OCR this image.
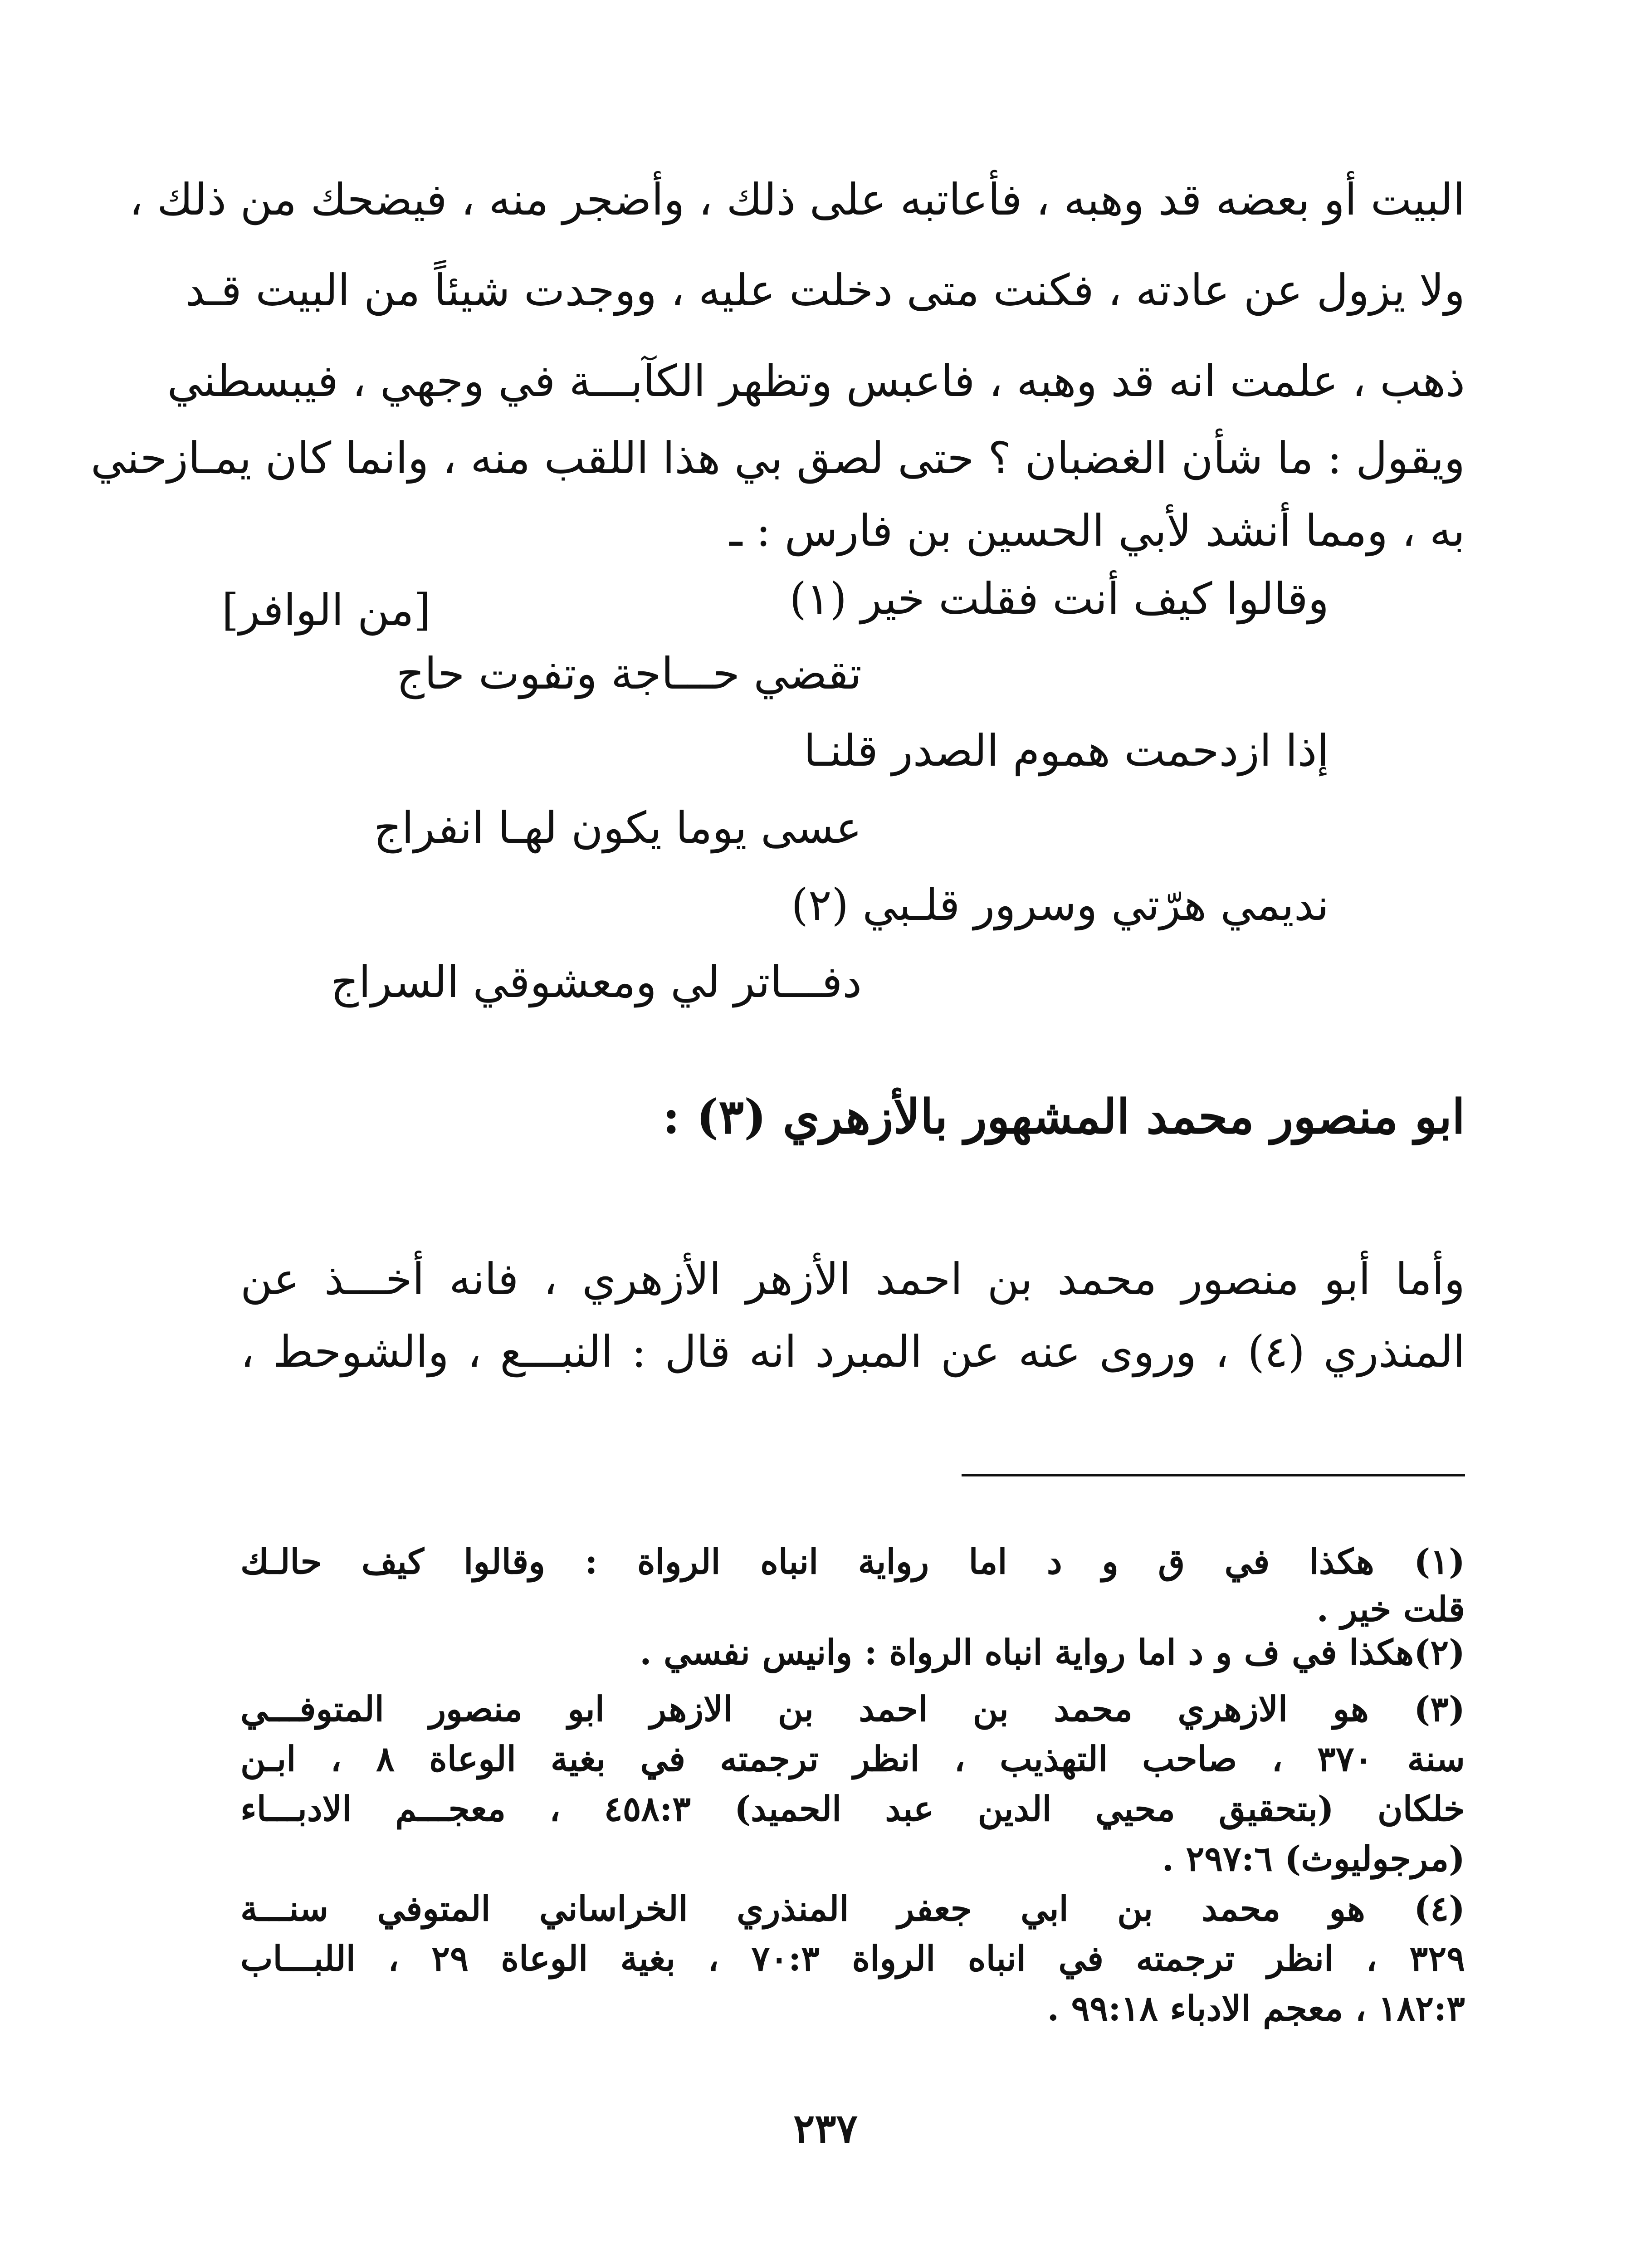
البيت أو بعضه قد وهبه ، فأعاتبه على ذلك ، وأضجر منه ، فيضحك من ذلك ،
ولا يزول عن عادته ، فكنت متى دخلت عليه ، ووجدت شيئاً من البيت قـد
ذهب ، علمت انه قد وهبه ، فاعبس وتظهر الكآبـــة في وجهي ، فيبسطني
ويقول : ما شأن الغضبان ؟ حتى لصق بي هذا اللقب منه ، وانما كان يمـازحني
به ، ومما أنشد لأبي الحسين بن فارس : ـ
[من الوافر]	وقالوا كيف أنت فقلت خير (١)
تقضي حـــاجة وتفوت حاج
إذا ازدحمت هموم الصدر قلنـا
عسى يوما يكون لهـا انفراج
نديمي هرّتي وسرور قلـبي (٢)
دفـــاتر لي ومعشوقي السراج
ابو منصور محمد المشهور بالأزهري (٣) :
وأما أبو منصور محمد بن احمد الأزهر الأزهري ، فانه أخـــذ عن
المنذري (٤) ، وروى عنه عن المبرد انه قال : النبـــع ، والشوحط ،
(١) هكذا في ق و د اما رواية انباه الرواة : وقالوا كيف حالـك
قلت خير .
(٢)هكذا في ف و د اما رواية انباه الرواة : وانيس نفسي .
(٣) هو الازهري محمد بن احمد بن الازهر ابو منصور المتوفـــي
سنة ٣٧٠ ، صاحب التهذيب ، انظر ترجمته في بغية الوعاة ٨ ، ابـن
خلكان (بتحقيق محيي الدين عبد الحميد) ٤٥٨:٣ ، معجـــم الادبـــاء
(مرجوليوث) ٢٩٧:٦ .
(٤) هو محمد بن ابي جعفر المنذري الخراساني المتوفي سنـــة
٣٢٩ ، انظر ترجمته في انباه الرواة ٧٠:٣ ، بغية الوعاة ٢٩ ، اللبـــاب
١٨٢:٣ ، معجم الادباء ٩٩:١٨ .
٢٣٧
